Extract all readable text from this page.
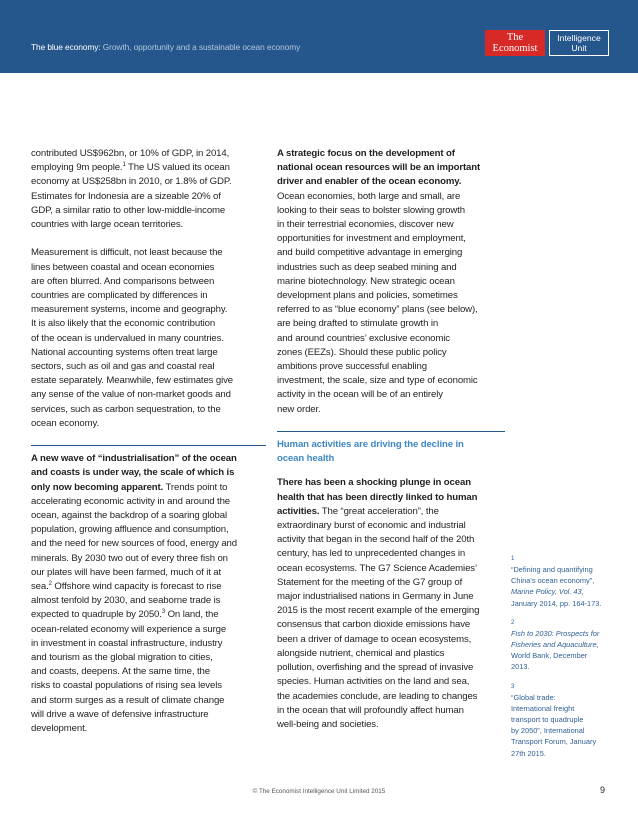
The blue economy: Growth, opportunity and a sustainable ocean economy
The
Economist
Intelligence
Unit

contributed US$962bn, or 10% of GDP, in 2014,
employing 9m people.$^1$ The US valued its ocean
economy at US$258bn in 2010, or 1.8% of GDP.
Estimates for Indonesia are a sizeable 20% of
GDP, a similar ratio to other low-middle-income
countries with large ocean territories.

Measurement is difficult, not least because the
lines between coastal and ocean economies
are often blurred. And comparisons between
countries are complicated by differences in
measurement systems, income and geography.
It is also likely that the economic contribution
of the ocean is undervalued in many countries.
National accounting systems often treat large
sectors, such as oil and gas and coastal real
estate separately. Meanwhile, few estimates give
any sense of the value of non-market goods and
services, such as carbon sequestration, to the
ocean economy.

A new wave of “industrialisation” of the ocean
and coasts is under way, the scale of which is
only now becoming apparent. Trends point to
accelerating economic activity in and around the
ocean, against the backdrop of a soaring global
population, growing affluence and consumption,
and the need for new sources of food, energy and
minerals. By 2030 two out of every three fish on
our plates will have been farmed, much of it at
sea.$^2$ Offshore wind capacity is forecast to rise
almost tenfold by 2030, and seaborne trade is
expected to quadruple by 2050.$^3$ On land, the
ocean-related economy will experience a surge
in investment in coastal infrastructure, industry
and tourism as the global migration to cities,
and coasts, deepens. At the same time, the
risks to coastal populations of rising sea levels
and storm surges as a result of climate change
will drive a wave of defensive infrastructure
development.

A strategic focus on the development of
national ocean resources will be an important
driver and enabler of the ocean economy.
Ocean economies, both large and small, are
looking to their seas to bolster slowing growth
in their terrestrial economies, discover new
opportunities for investment and employment,
and build competitive advantage in emerging
industries such as deep seabed mining and
marine biotechnology. New strategic ocean
development plans and policies, sometimes
referred to as “blue economy” plans (see below),
are being drafted to stimulate growth in
and around countries’ exclusive economic
zones (EEZs). Should these public policy
ambitions prove successful enabling
investment, the scale, size and type of economic
activity in the ocean will be of an entirely
new order.

Human activities are driving the decline in
ocean health

There has been a shocking plunge in ocean
health that has been directly linked to human
activities. The “great acceleration”, the
extraordinary burst of economic and industrial
activity that began in the second half of the 20th
century, has led to unprecedented changes in
ocean ecosystems. The G7 Science Academies’
Statement for the meeting of the G7 group of
major industrialised nations in Germany in June
2015 is the most recent example of the emerging
consensus that carbon dioxide emissions have
been a driver of damage to ocean ecosystems,
alongside nutrient, chemical and plastics
pollution, overfishing and the spread of invasive
species. Human activities on the land and sea,
the academies conclude, are leading to changes
in the ocean that will profoundly affect human
well-being and societies.

1
“Defining and quantifying
China’s ocean economy”,
Marine Policy, Vol. 43,
January 2014, pp. 164-173.
2
Fish to 2030: Prospects for
Fisheries and Aquaculture,
World Bank, December
2013.
3
“Global trade:
International freight
transport to quadruple
by 2050”, International
Transport Forum, January
27th 2015.
© The Economist Intelligence Unit Limited 2015	9
